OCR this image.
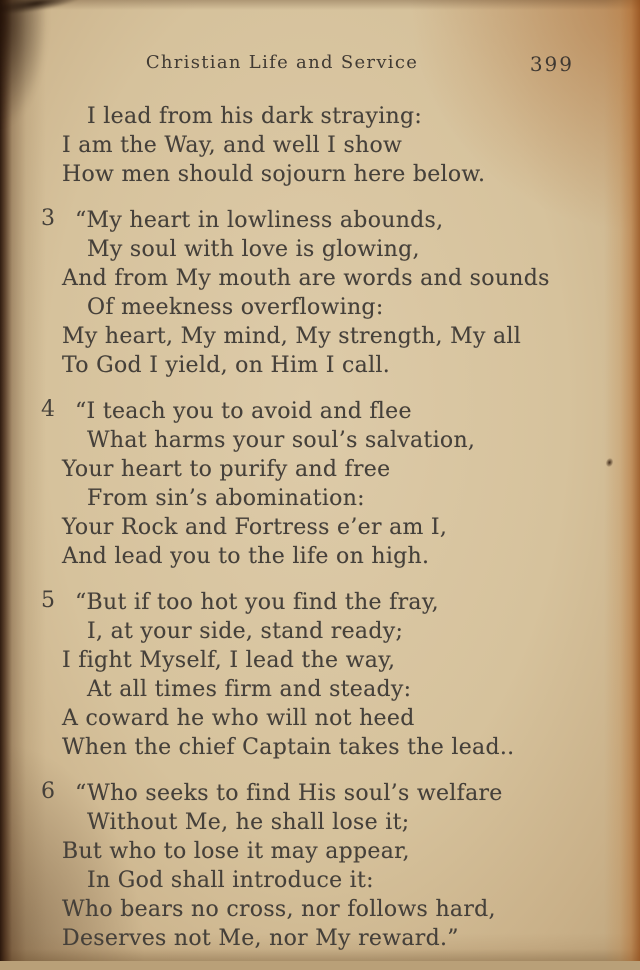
Christian Life and Service	399
I lead from his dark straying:
I am the Way, and well I show
How men should sojourn here below.
3 “My heart in lowliness abounds,
My soul with love is glowing,
And from My mouth are words and sounds
Of meekness overflowing:
My heart, My mind, My strength, My all
To God I yield, on Him I call.
4 “I teach you to avoid and flee
What harms your soul’s salvation,
Your heart to purify and free
From sin’s abomination:
Your Rock and Fortress e’er am I,
And lead you to the life on high.
5 “But if too hot you find the fray,
I, at your side, stand ready;
I fight Myself, I lead the way,
At all times firm and steady:
A coward he who will not heed
When the chief Captain takes the lead..
6 “Who seeks to find His soul’s welfare
Without Me, he shall lose it;
But who to lose it may appear,
In God shall introduce it:
Who bears no cross, nor follows hard,
Deserves not Me, nor My reward.”
